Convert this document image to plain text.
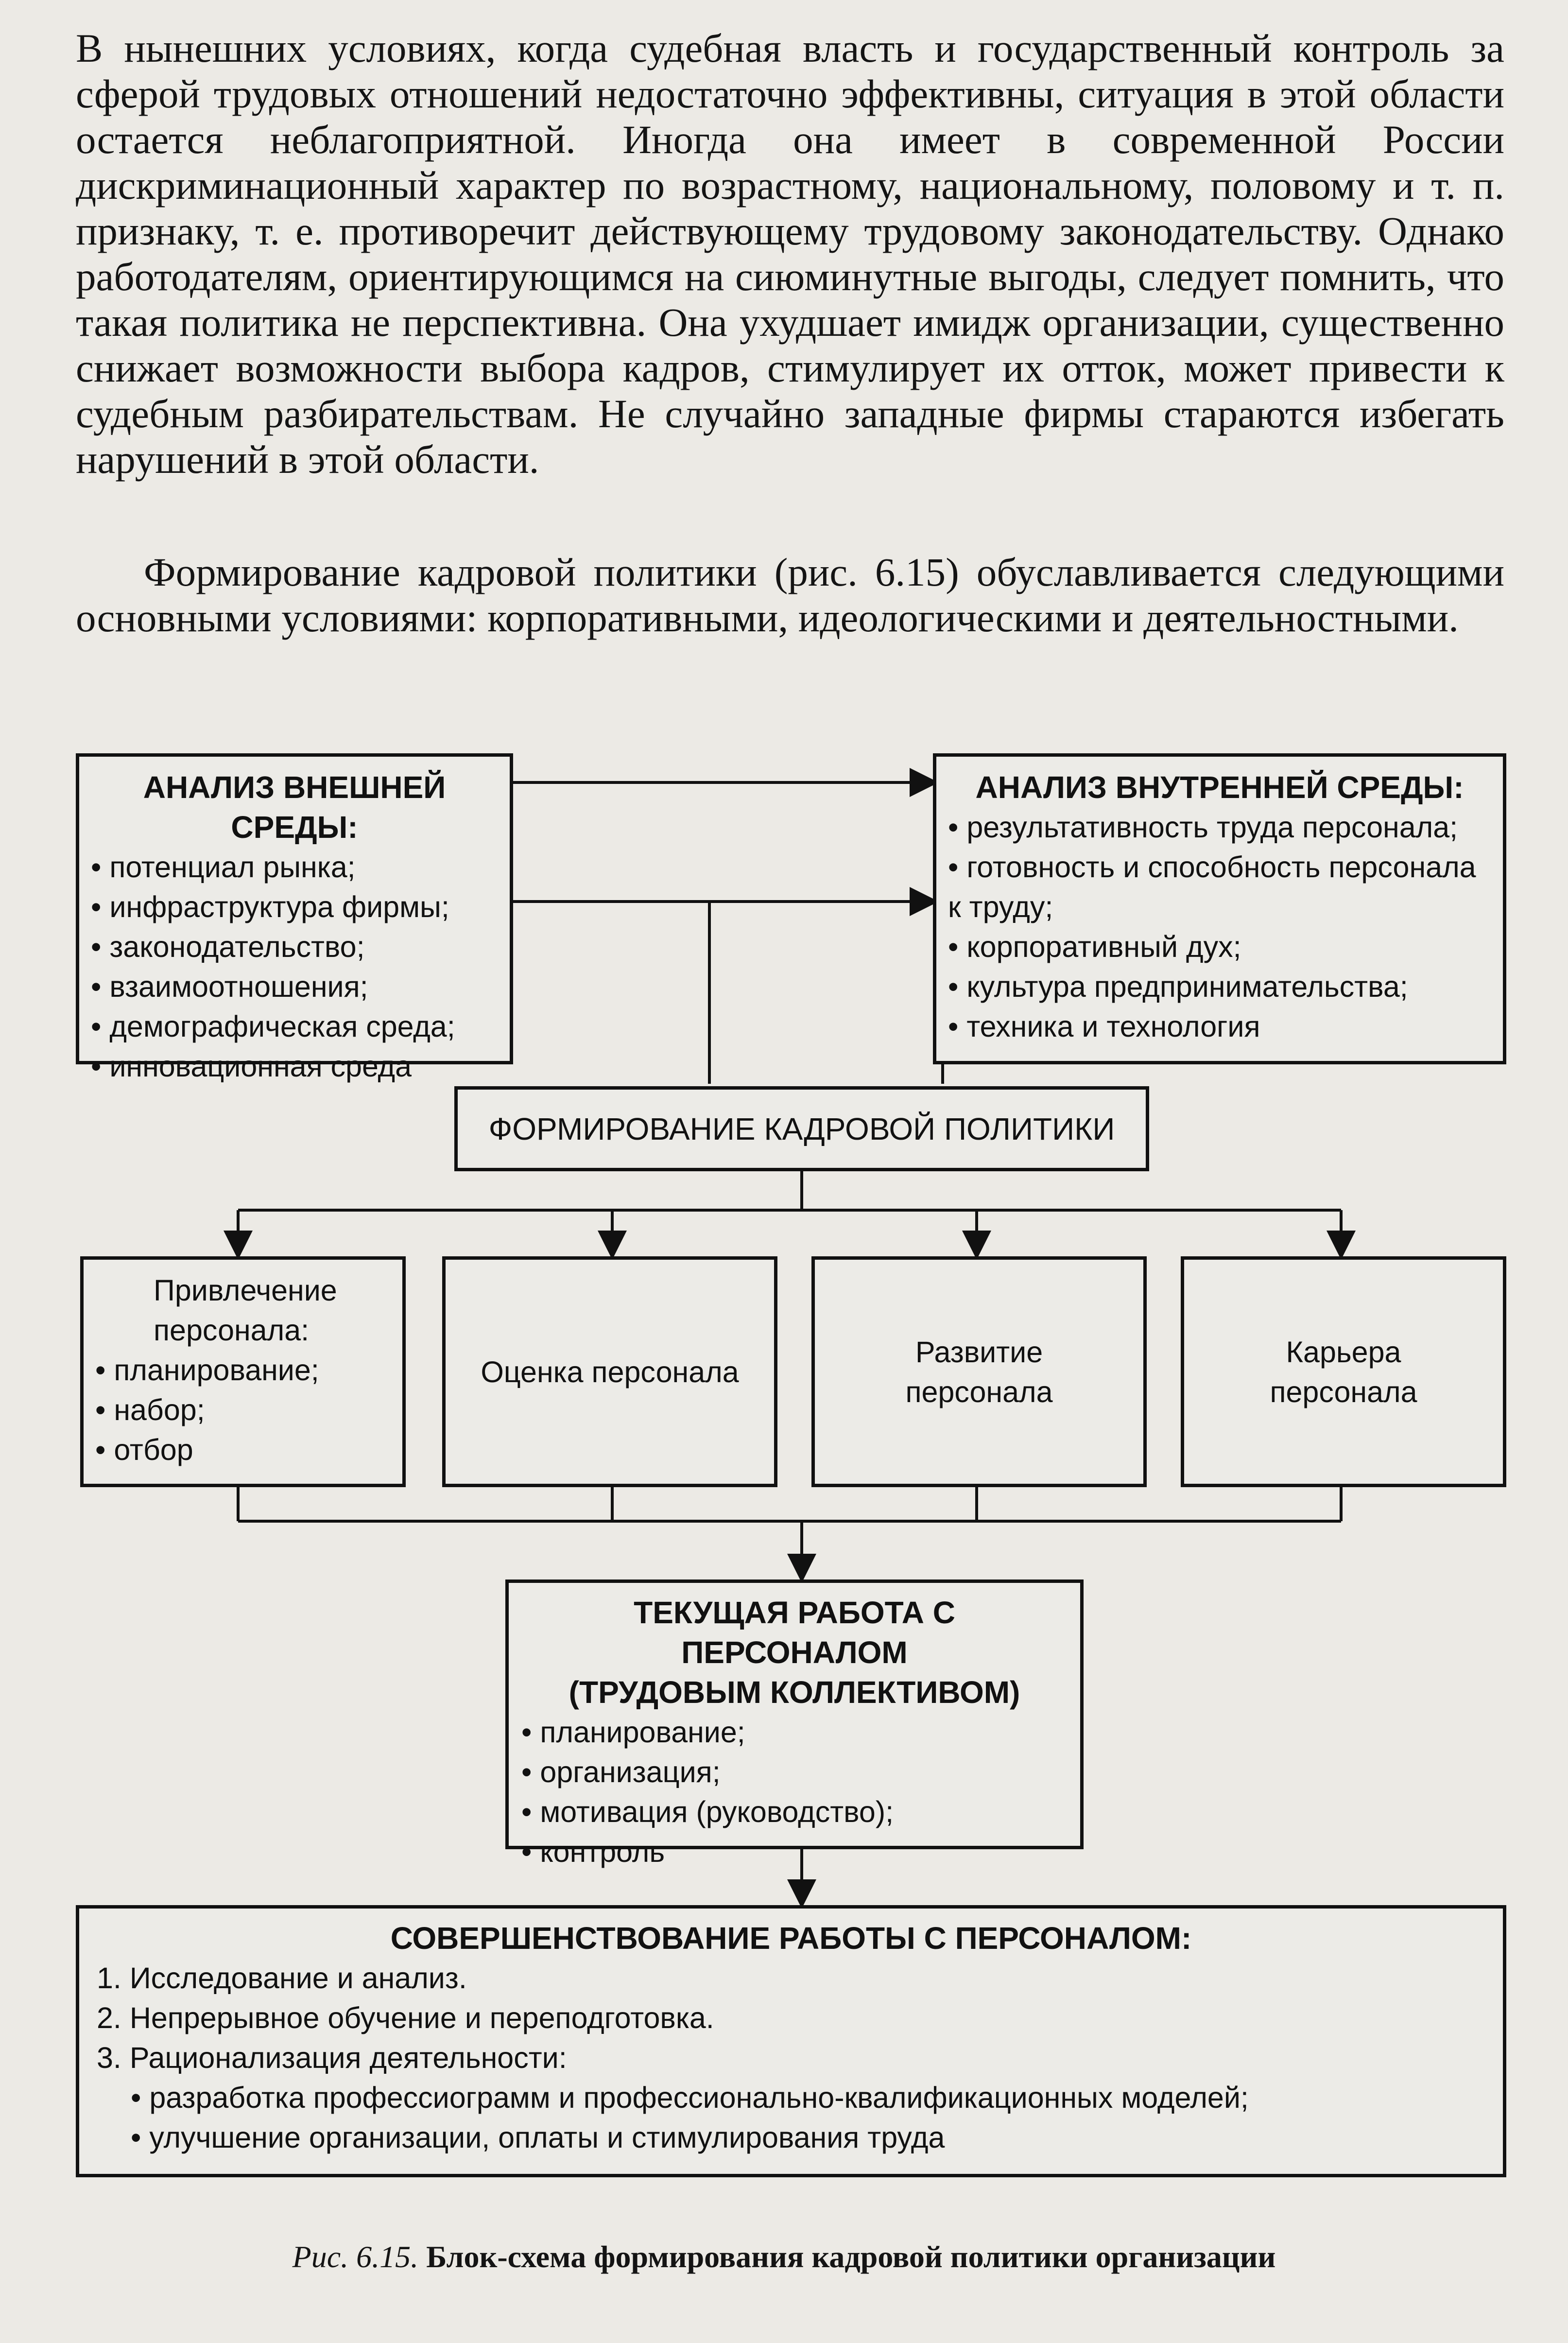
В нынешних условиях, когда судебная власть и государственный контроль за сферой трудовых отношений недостаточно эффективны, ситуация в этой области остается неблагоприятной. Иногда она имеет в современной России дискриминационный характер по возрастному, национальному, половому и т. п. признаку, т. е. противоречит действующему трудовому законодательству. Однако работодателям, ориентирующимся на сиюминутные выгоды, следует помнить, что такая политика не перспективна. Она ухудшает имидж организации, существенно снижает возможности выбора кадров, стимулирует их отток, может привести к судебным разбирательствам. Не случайно западные фирмы стараются избегать нарушений в этой области.

Формирование кадровой политики (рис. 6.15) обуславливается следующими основными условиями: корпоративными, идеологическими и деятельностными.

АНАЛИЗ ВНЕШНЕЙ СРЕДЫ:
• потенциал рынка;
• инфраструктура фирмы;
• законодательство;
• взаимоотношения;
• демографическая среда;
• инновационная среда
АНАЛИЗ ВНУТРЕННЕЙ СРЕДЫ:
• результативность труда персонала;
• готовность и способность персонала к труду;
• корпоративный дух;
• культура предпринимательства;
• техника и технология
ФОРМИРОВАНИЕ КАДРОВОЙ ПОЛИТИКИ
Привлечение персонала:
• планирование;
• набор;
• отбор
Оценка персонала
Развитие персонала
Карьера персонала
ТЕКУЩАЯ РАБОТА С ПЕРСОНАЛОМ
(ТРУДОВЫМ КОЛЛЕКТИВОМ)
• планирование;
• организация;
• мотивация (руководство);
• контроль
СОВЕРШЕНСТВОВАНИЕ РАБОТЫ С ПЕРСОНАЛОМ:
1. Исследование и анализ.
2. Непрерывное обучение и переподготовка.
3. Рационализация деятельности:
• разработка профессиограмм и профессионально-квалификационных моделей;
• улучшение организации, оплаты и стимулирования труда
Рис. 6.15. Блок-схема формирования кадровой политики организации
